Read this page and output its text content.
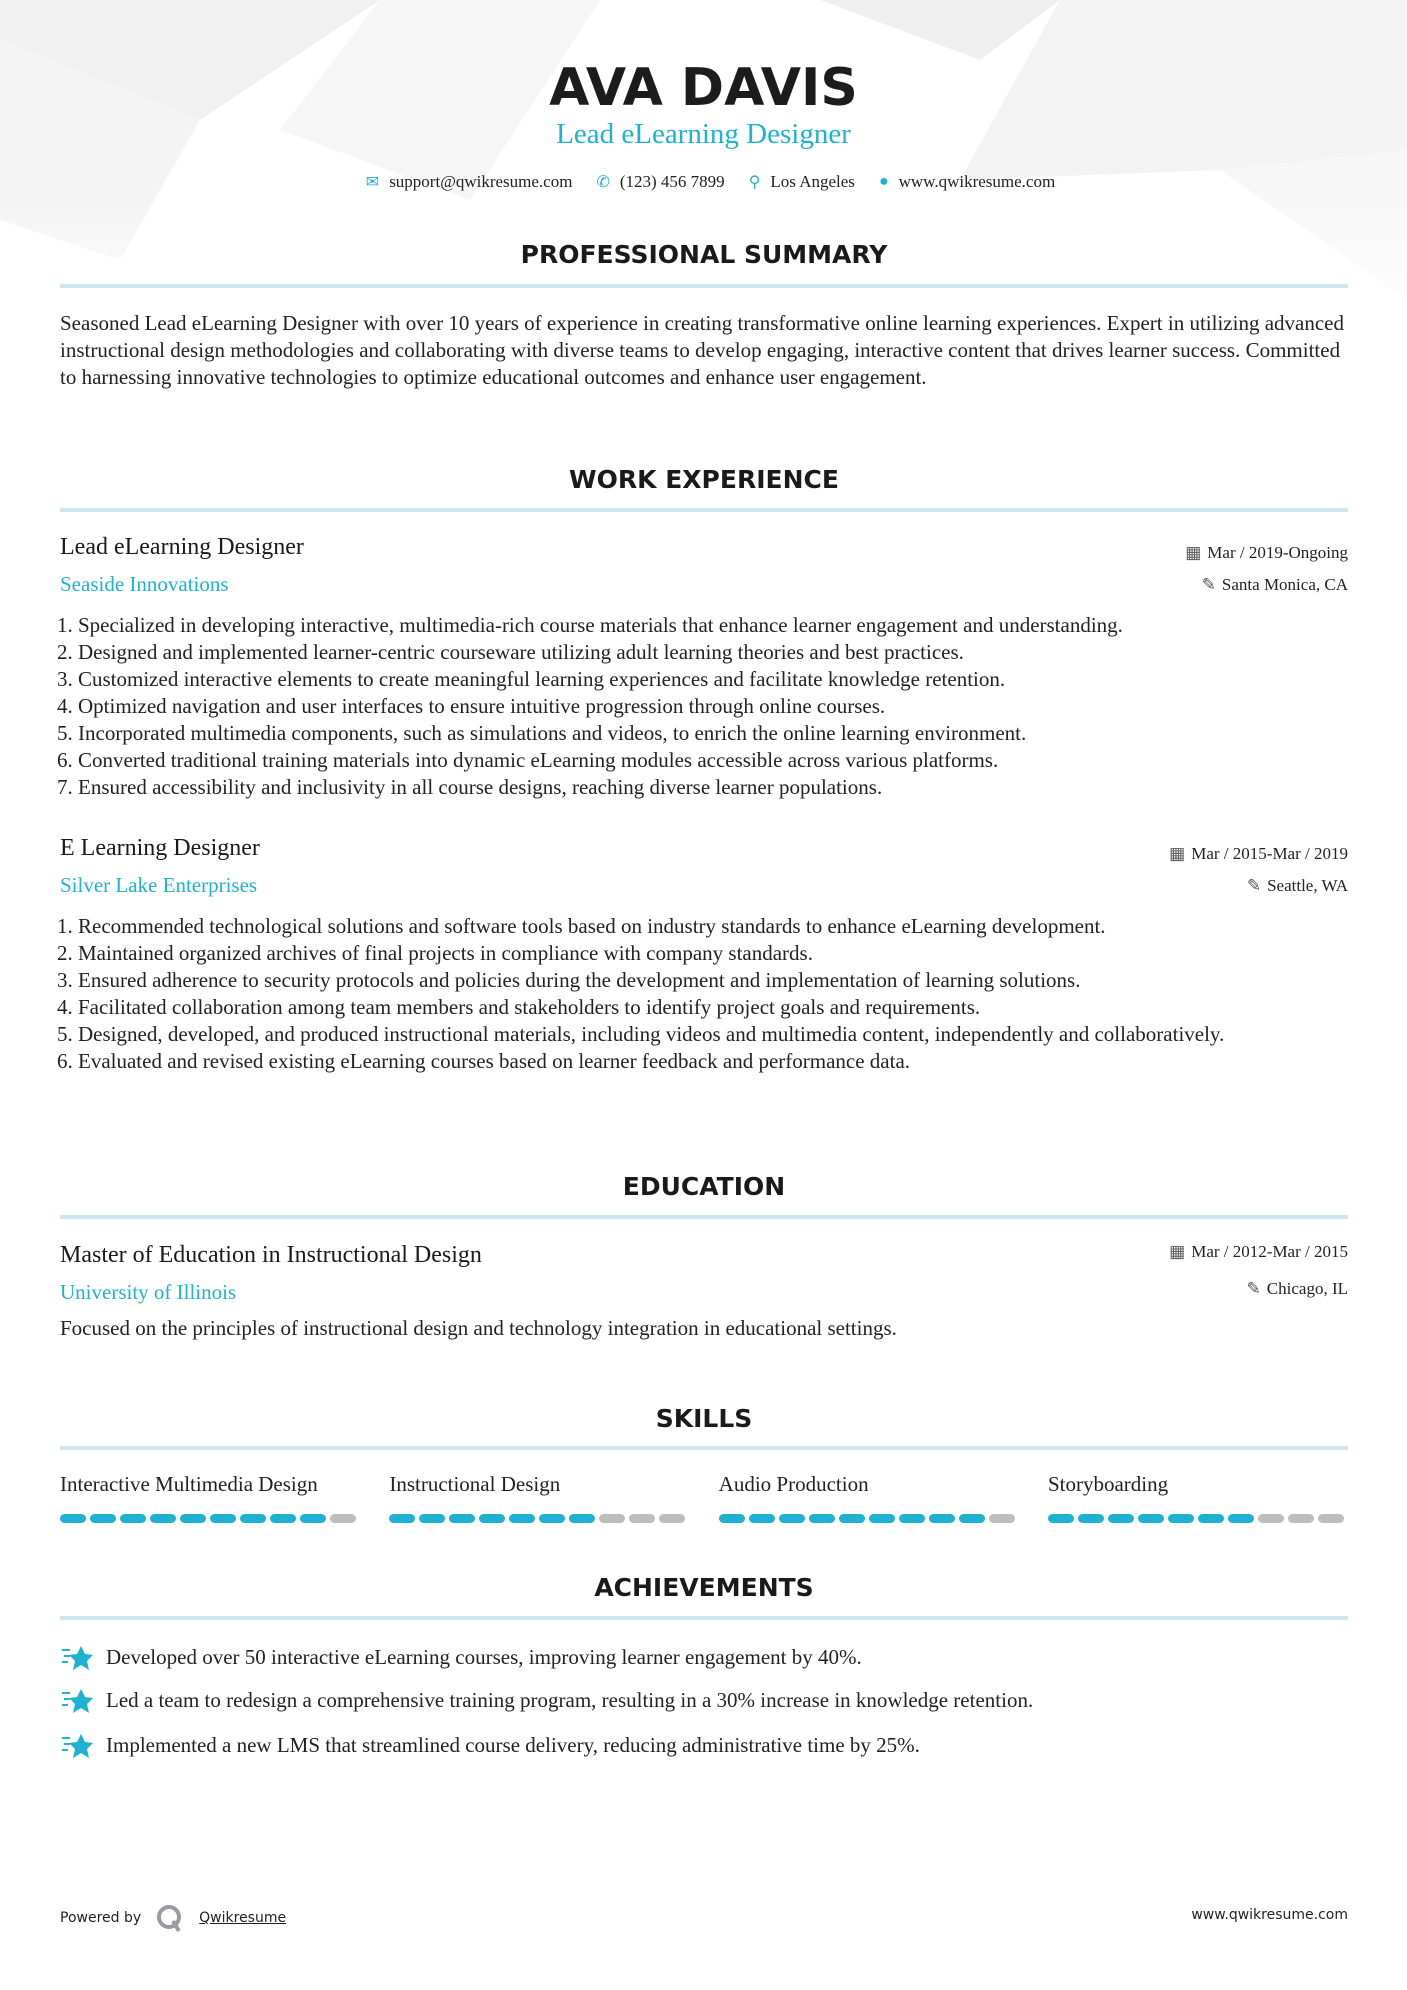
AVA DAVIS
Lead eLearning Designer
✉ support@qwikresume.com ✆ (123) 456 7899 ⚲ Los Angeles ● www.qwikresume.com
PROFESSIONAL SUMMARY
Seasoned Lead eLearning Designer with over 10 years of experience in creating transformative online learning experiences. Expert in utilizing advanced instructional design methodologies and collaborating with diverse teams to develop engaging, interactive content that drives learner success. Committed to harnessing innovative technologies to optimize educational outcomes and enhance user engagement.
WORK EXPERIENCE
Lead eLearning Designer
Seaside Innovations
▦ Mar / 2019-Ongoing
✎ Santa Monica, CA
1. Specialized in developing interactive, multimedia-rich course materials that enhance learner engagement and understanding.
2. Designed and implemented learner-centric courseware utilizing adult learning theories and best practices.
3. Customized interactive elements to create meaningful learning experiences and facilitate knowledge retention.
4. Optimized navigation and user interfaces to ensure intuitive progression through online courses.
5. Incorporated multimedia components, such as simulations and videos, to enrich the online learning environment.
6. Converted traditional training materials into dynamic eLearning modules accessible across various platforms.
7. Ensured accessibility and inclusivity in all course designs, reaching diverse learner populations.
E Learning Designer
Silver Lake Enterprises
▦ Mar / 2015-Mar / 2019
✎ Seattle, WA
1. Recommended technological solutions and software tools based on industry standards to enhance eLearning development.
2. Maintained organized archives of final projects in compliance with company standards.
3. Ensured adherence to security protocols and policies during the development and implementation of learning solutions.
4. Facilitated collaboration among team members and stakeholders to identify project goals and requirements.
5. Designed, developed, and produced instructional materials, including videos and multimedia content, independently and collaboratively.
6. Evaluated and revised existing eLearning courses based on learner feedback and performance data.
EDUCATION
Master of Education in Instructional Design
University of Illinois
▦ Mar / 2012-Mar / 2015
✎ Chicago, IL
Focused on the principles of instructional design and technology integration in educational settings.
SKILLS
Interactive Multimedia Design	Instructional Design	Audio Production	Storyboarding
ACHIEVEMENTS
Developed over 50 interactive eLearning courses, improving learner engagement by 40%.
Led a team to redesign a comprehensive training program, resulting in a 30% increase in knowledge retention.
Implemented a new LMS that streamlined course delivery, reducing administrative time by 25%.
Powered by	Qwikresume	www.qwikresume.com
